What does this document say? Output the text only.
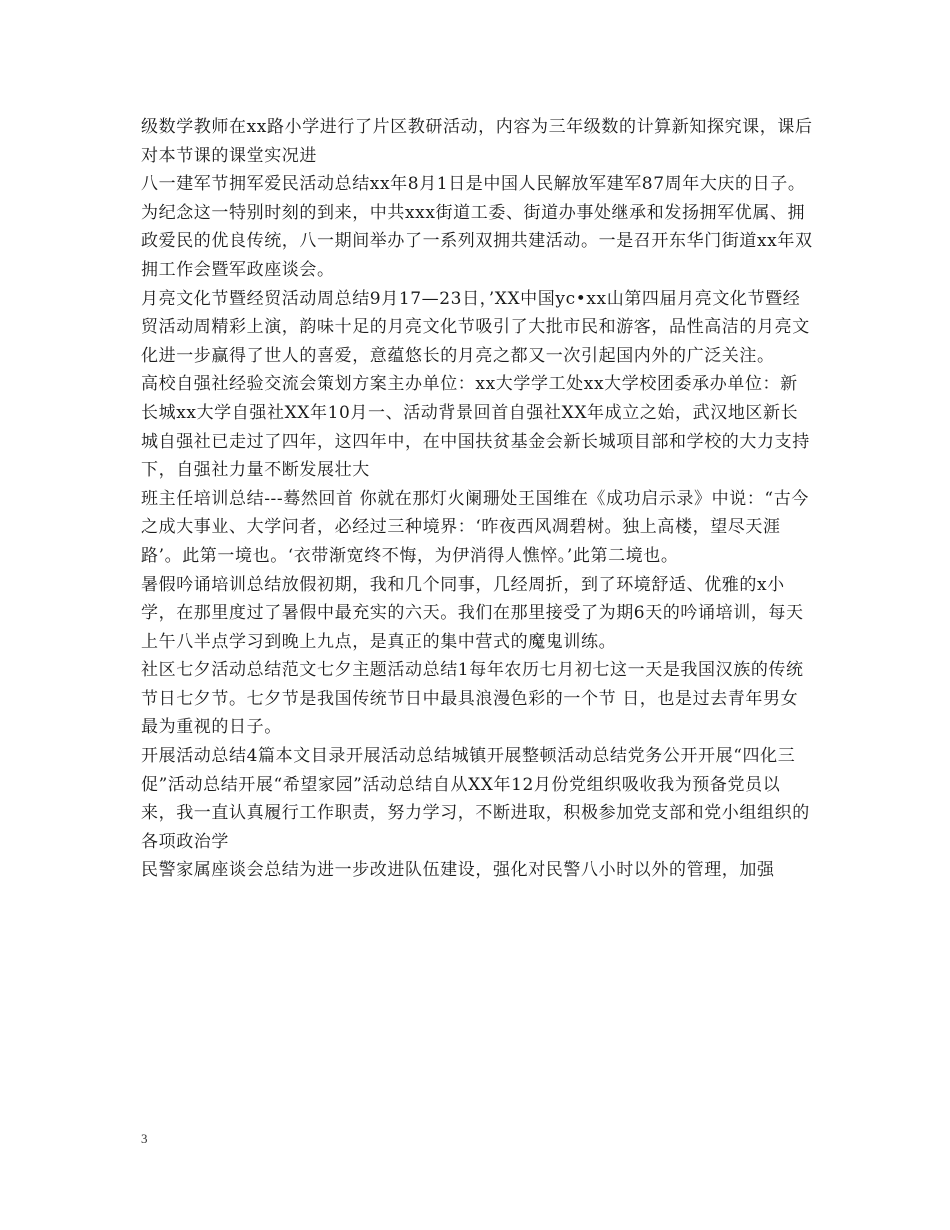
级数学教师在xx路小学进行了片区教研活动，内容为三年级数的计算新知探究课，课后对本节课的课堂实况进

八一建军节拥军爱民活动总结xx年8月1日是中国人民解放军建军87周年大庆的日子。为纪念这一特别时刻的到来，中共xxx街道工委、街道办事处继承和发扬拥军优属、拥政爱民的优良传统，八一期间举办了一系列双拥共建活动。一是召开东华门街道xx年双拥工作会暨军政座谈会。

月亮文化节暨经贸活动周总结9月17—23日，’XX中国yc•xx山第四届月亮文化节暨经贸活动周精彩上演，韵味十足的月亮文化节吸引了大批市民和游客，品性高洁的月亮文化进一步赢得了世人的喜爱，意蕴悠长的月亮之都又一次引起国内外的广泛关注。

高校自强社经验交流会策划方案主办单位：xx大学学工处xx大学校团委承办单位：新长城xx大学自强社XX年10月一、活动背景回首自强社XX年成立之始，武汉地区新长城自强社已走过了四年，这四年中，在中国扶贫基金会新长城项目部和学校的大力支持下，自强社力量不断发展壮大

班主任培训总结---蓦然回首 你就在那灯火阑珊处王国维在《成功启示录》中说：“古今之成大事业、大学问者，必经过三种境界：‘昨夜西风凋碧树。独上高楼，望尽天涯路’。此第一境也。‘衣带渐宽终不悔，为伊消得人憔悴。’此第二境也。

暑假吟诵培训总结放假初期，我和几个同事，几经周折，到了环境舒适、优雅的x小学，在那里度过了暑假中最充实的六天。我们在那里接受了为期6天的吟诵培训，每天上午八半点学习到晚上九点，是真正的集中营式的魔鬼训练。

社区七夕活动总结范文七夕主题活动总结1每年农历七月初七这一天是我国汉族的传统节日七夕节。七夕节是我国传统节日中最具浪漫色彩的一个节 日，也是过去青年男女最为重视的日子。

开展活动总结4篇本文目录开展活动总结城镇开展整顿活动总结党务公开开展“四化三促”活动总结开展“希望家园”活动总结自从XX年12月份党组织吸收我为预备党员以来，我一直认真履行工作职责，努力学习，不断进取，积极参加党支部和党小组组织的各项政治学

民警家属座谈会总结为进一步改进队伍建设，强化对民警八小时以外的管理，加强

3
